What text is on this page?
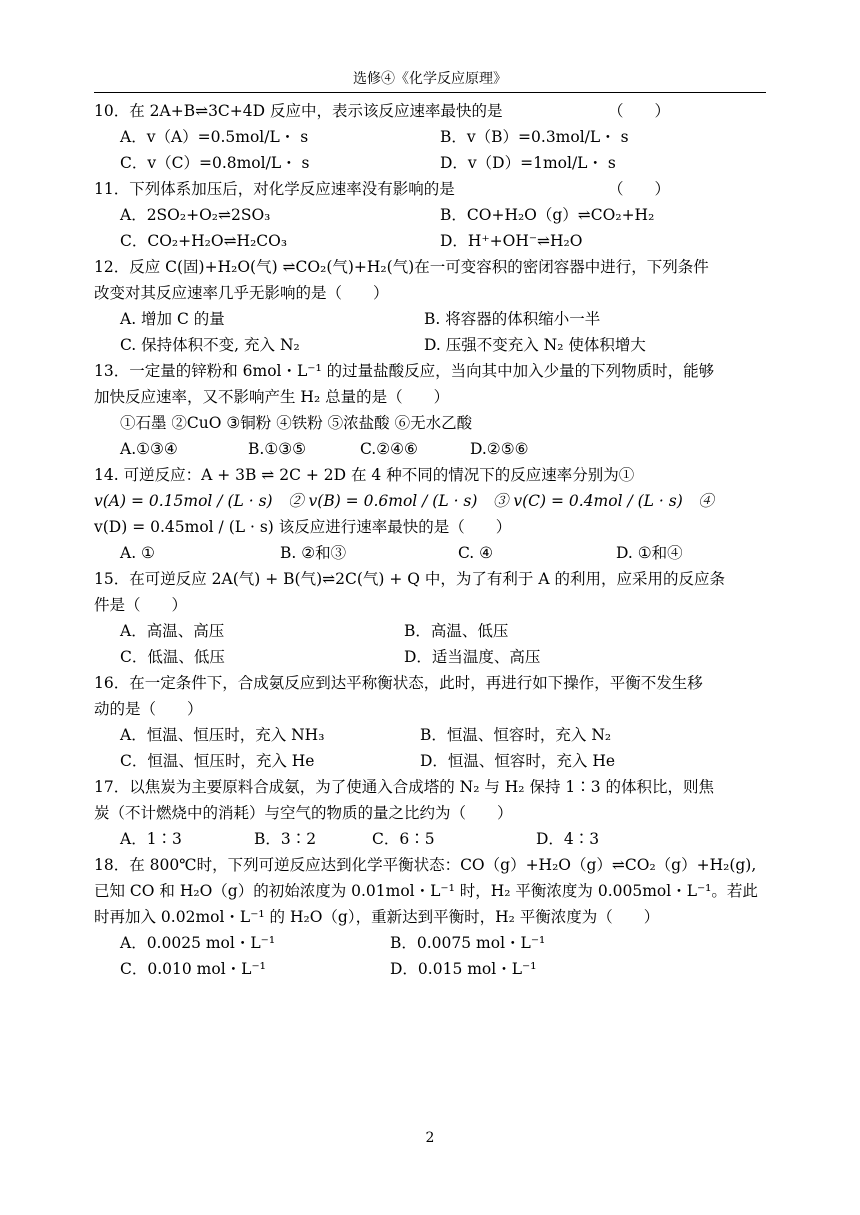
选修④《化学反应原理》
10．在 2A+B⇌3C+4D 反应中，表示该反应速率最快的是	（　　）
A．v（A）=0.5mol/L・ s	B．v（B）=0.3mol/L・ s
C．v（C）=0.8mol/L・ s	D．v（D）=1mol/L・ s
11．下列体系加压后，对化学反应速率没有影响的是	（　　）
A．2SO₂+O₂⇌2SO₃	B．CO+H₂O（g）⇌CO₂+H₂
C．CO₂+H₂O⇌H₂CO₃	D．H⁺+OH⁻⇌H₂O
12．反应 C(固)+H₂O(气) ⇌CO₂(气)+H₂(气)在一可变容积的密闭容器中进行，下列条件
改变对其反应速率几乎无影响的是（　　）
A. 增加 C 的量	B. 将容器的体积缩小一半
C. 保持体积不变, 充入 N₂	D. 压强不变充入 N₂ 使体积增大
13．一定量的锌粉和 6mol・L⁻¹ 的过量盐酸反应，当向其中加入少量的下列物质时，能够
加快反应速率，又不影响产生 H₂ 总量的是（　　）
①石墨 ②CuO ③铜粉 ④铁粉 ⑤浓盐酸 ⑥无水乙酸
A.①③④	B.①③⑤	C.②④⑥	D.②⑤⑥
14. 可逆反应：A + 3B ⇌ 2C + 2D 在 4 种不同的情况下的反应速率分别为①
v(A) = 0.15mol / (L · s)　② v(B) = 0.6mol / (L · s)　③ v(C) = 0.4mol / (L · s)　④
v(D) = 0.45mol / (L · s) 该反应进行速率最快的是（　　）
A. ①	B. ②和③	C. ④	D. ①和④
15．在可逆反应 2A(气) + B(气)⇌2C(气) + Q 中，为了有利于 A 的利用，应采用的反应条
件是（　　）
A．高温、高压	B．高温、低压
C．低温、低压	D．适当温度、高压
16．在一定条件下，合成氨反应到达平称衡状态，此时，再进行如下操作，平衡不发生移
动的是（　　）
A．恒温、恒压时，充入 NH₃	B．恒温、恒容时，充入 N₂
C．恒温、恒压时，充入 He	D．恒温、恒容时，充入 He
17．以焦炭为主要原料合成氨，为了使通入合成塔的 N₂ 与 H₂ 保持 1∶3 的体积比，则焦
炭（不计燃烧中的消耗）与空气的物质的量之比约为（　　）
A．1∶3	B．3∶2	C．6∶5	D．4∶3
18．在 800℃时，下列可逆反应达到化学平衡状态：CO（g）+H₂O（g）⇌CO₂（g）+H₂(g),
已知 CO 和 H₂O（g）的初始浓度为 0.01mol・L⁻¹ 时，H₂ 平衡浓度为 0.005mol・L⁻¹。若此
时再加入 0.02mol・L⁻¹ 的 H₂O（g），重新达到平衡时，H₂ 平衡浓度为（　　）
A．0.0025 mol・L⁻¹	B．0.0075 mol・L⁻¹
C．0.010 mol・L⁻¹	D．0.015 mol・L⁻¹
2
